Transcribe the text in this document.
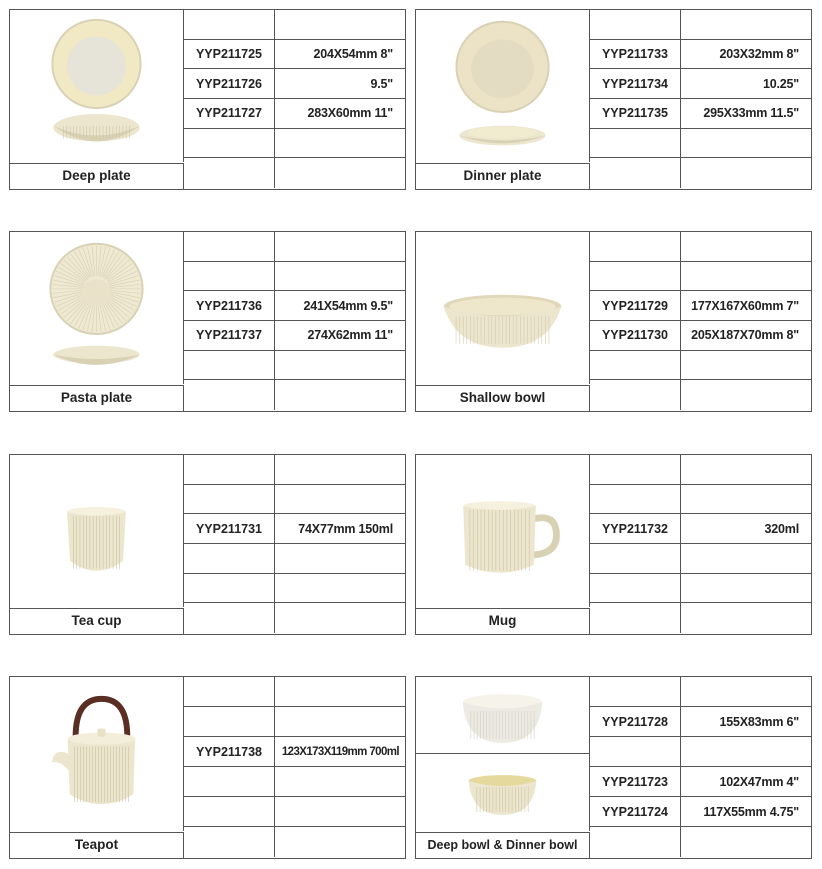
Deep plate
YYP211725	204X54mm 8"
YYP211726	9.5"
YYP211727	283X60mm 11"
Dinner plate
YYP211733	203X32mm 8"
YYP211734	10.25"
YYP211735	295X33mm 11.5"
Pasta plate
YYP211736	241X54mm 9.5"
YYP211737	274X62mm 11"
Shallow bowl
YYP211729	177X167X60mm 7"
YYP211730	205X187X70mm 8"
Tea cup
YYP211731	74X77mm 150ml
Mug
YYP211732	320ml
Teapot
YYP211738	123X173X119mm 700ml
Deep bowl & Dinner bowl
YYP211728	155X83mm 6"
YYP211723	102X47mm 4"
YYP211724	117X55mm 4.75"
